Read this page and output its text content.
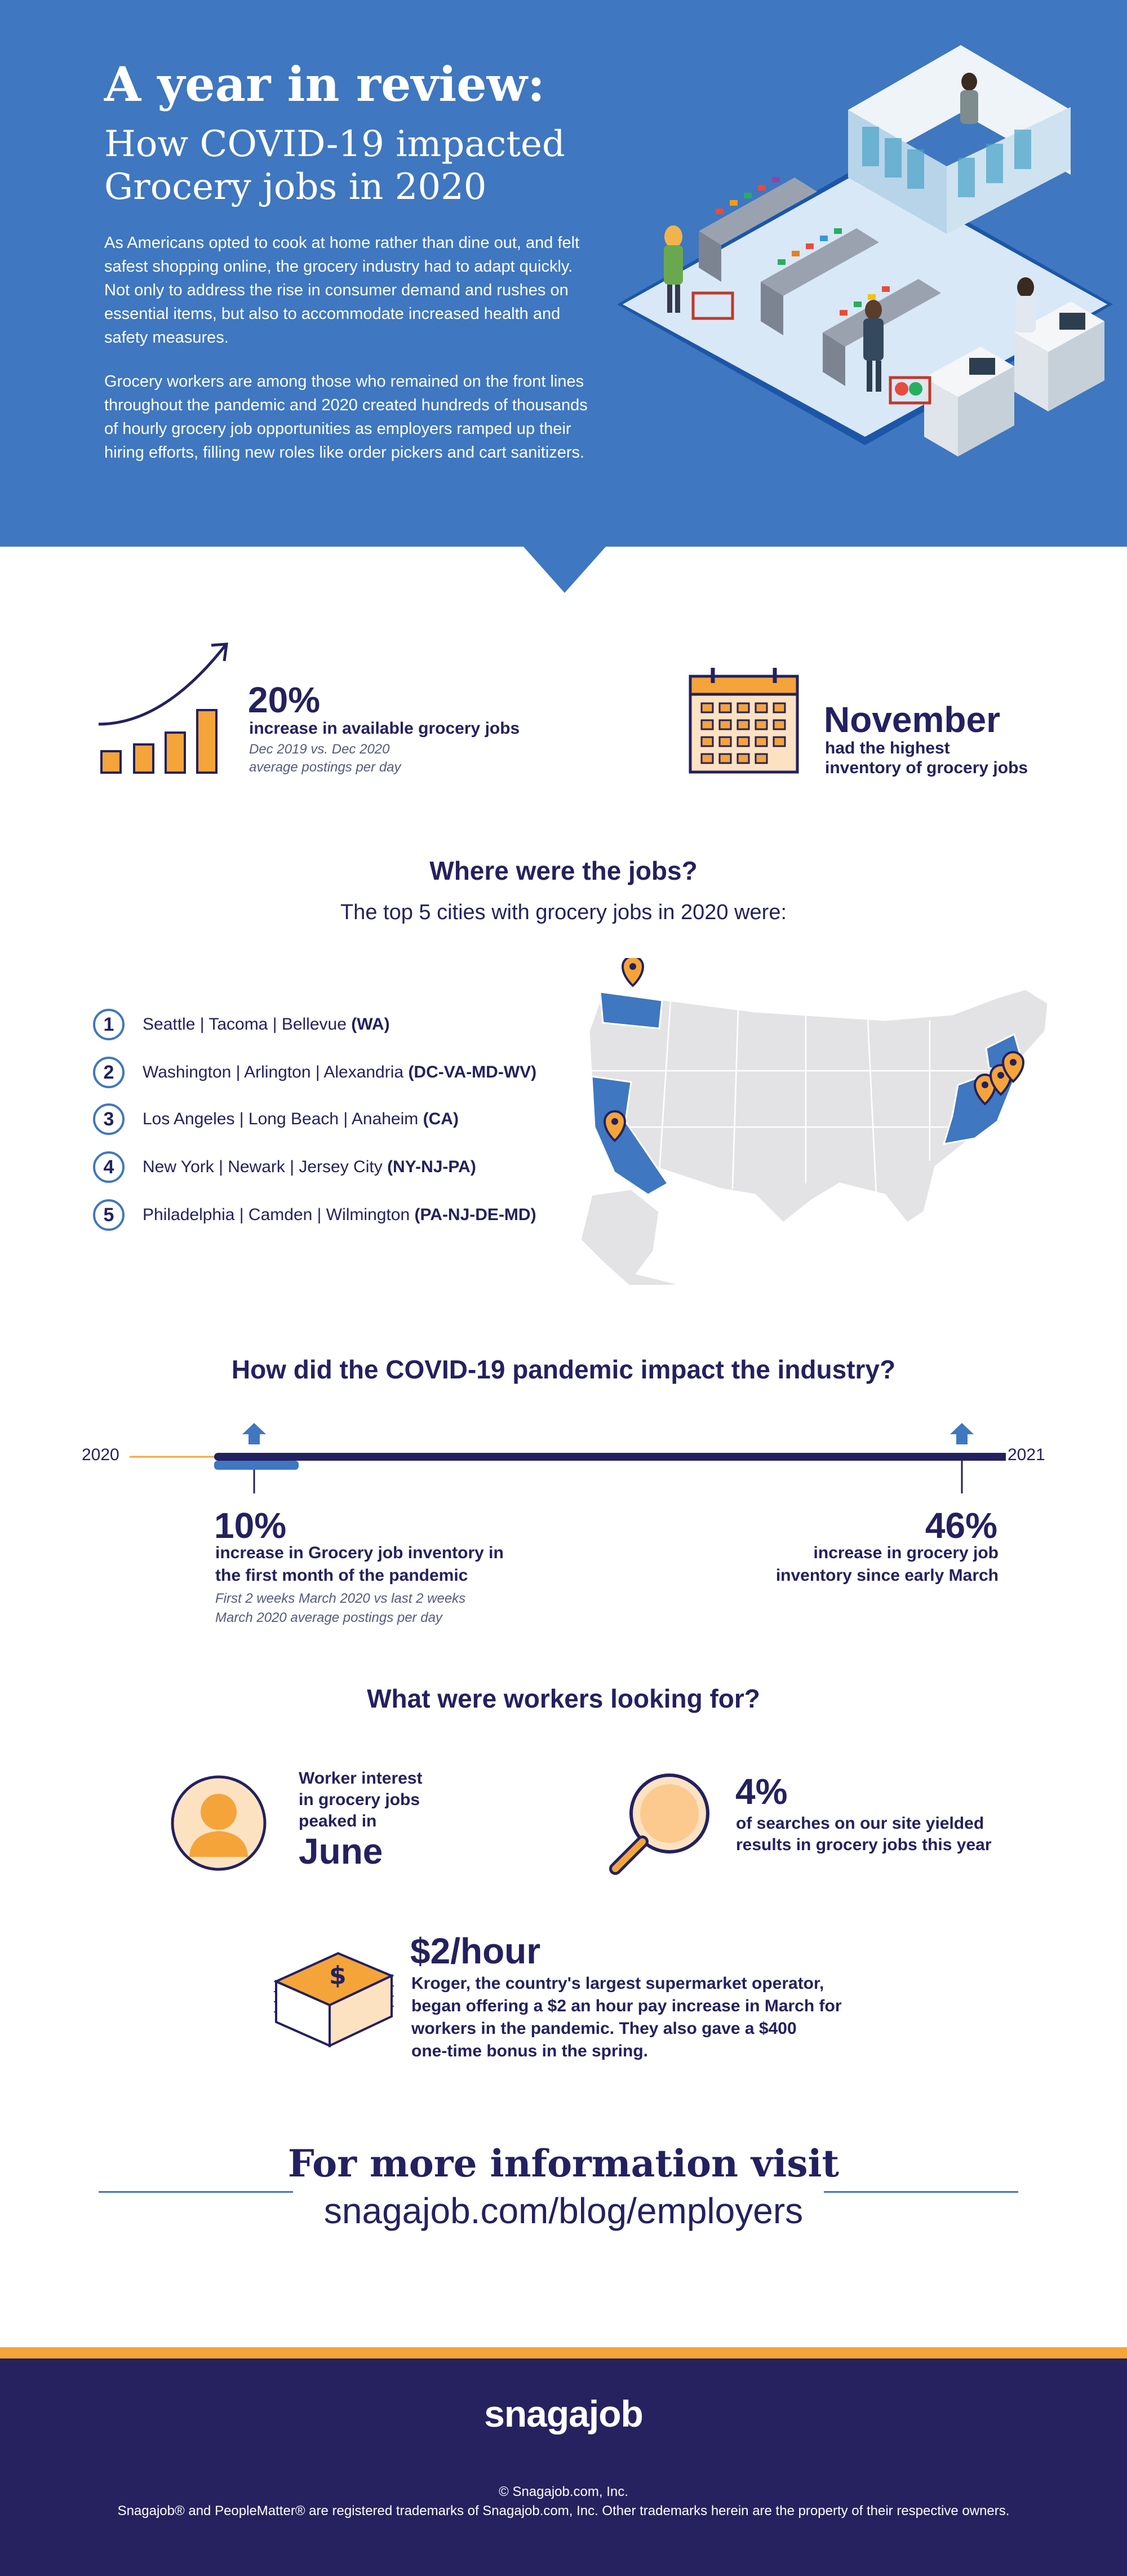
A year in review:
How COVID-19 impacted
Grocery jobs in 2020

As Americans opted to cook at home rather than dine out, and felt safest shopping online, the grocery industry had to adapt quickly. Not only to address the rise in consumer demand and rushes on essential items, but also to accommodate increased health and safety measures.

Grocery workers are among those who remained on the front lines throughout the pandemic and 2020 created hundreds of thousands of hourly grocery job opportunities as employers ramped up their hiring efforts, filling new roles like order pickers and cart sanitizers.

20%
increase in available grocery jobs
Dec 2019 vs. Dec 2020
average postings per day
November
had the highest
inventory of grocery jobs
Where were the jobs?
The top 5 cities with grocery jobs in 2020 were:
1	Seattle | Tacoma | Bellevue (WA)
2	Washington | Arlington | Alexandria (DC-VA-MD-WV)
3	Los Angeles | Long Beach | Anaheim (CA)
4	New York | Newark | Jersey City (NY-NJ-PA)
5	Philadelphia | Camden | Wilmington (PA-NJ-DE-MD)
How did the COVID-19 pandemic impact the industry?
2020	2021
10%
increase in Grocery job inventory in
the first month of the pandemic
First 2 weeks March 2020 vs last 2 weeks
March 2020 average postings per day
46%
increase in grocery job
inventory since early March
What were workers looking for?
Worker interest
in grocery jobs
peaked in
June
4%
of searches on our site yielded
results in grocery jobs this year
$
$2/hour
Kroger, the country's largest supermarket operator,
began offering a $2 an hour pay increase in March for
workers in the pandemic. They also gave a $400
one-time bonus in the spring.
For more information visit
snagajob.com/blog/employers
snagajob
© Snagajob.com, Inc.
Snagajob® and PeopleMatter® are registered trademarks of Snagajob.com, Inc. Other trademarks herein are the property of their respective owners.
